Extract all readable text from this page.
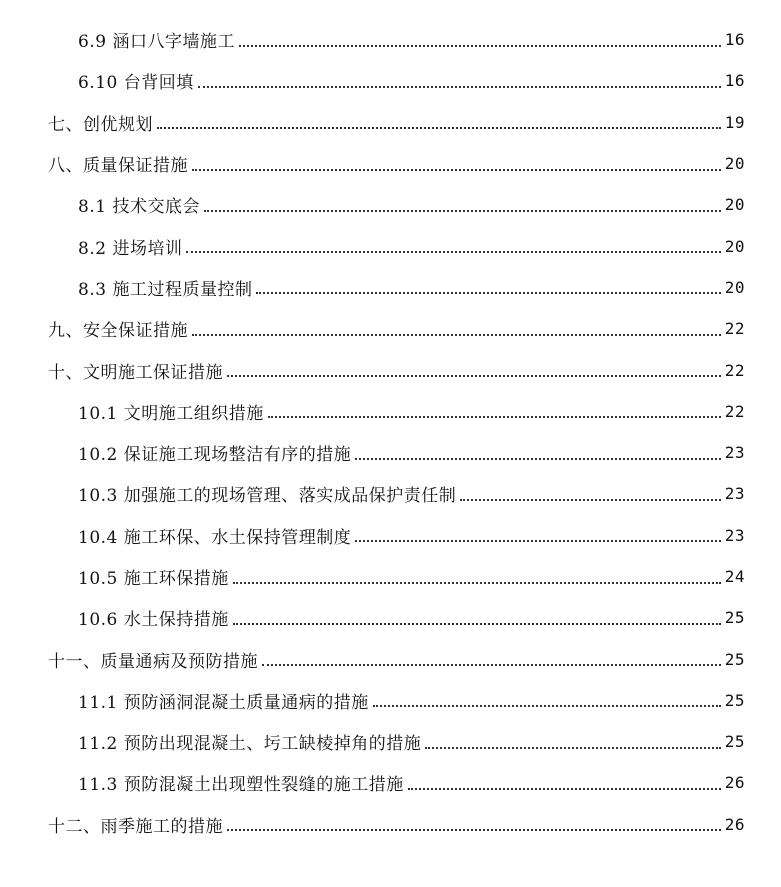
6.9 涵口八字墙施工	16
6.10 台背回填	16
七、创优规划	19
八、质量保证措施	20
8.1 技术交底会	20
8.2 进场培训	20
8.3 施工过程质量控制	20
九、安全保证措施	22
十、文明施工保证措施	22
10.1 文明施工组织措施	22
10.2 保证施工现场整洁有序的措施	23
10.3 加强施工的现场管理、落实成品保护责任制	23
10.4 施工环保、水土保持管理制度	23
10.5 施工环保措施	24
10.6 水土保持措施	25
十一、质量通病及预防措施	25
11.1 预防涵洞混凝土质量通病的措施	25
11.2 预防出现混凝土、圬工缺棱掉角的措施	25
11.3 预防混凝土出现塑性裂缝的施工措施	26
十二、雨季施工的措施	26
